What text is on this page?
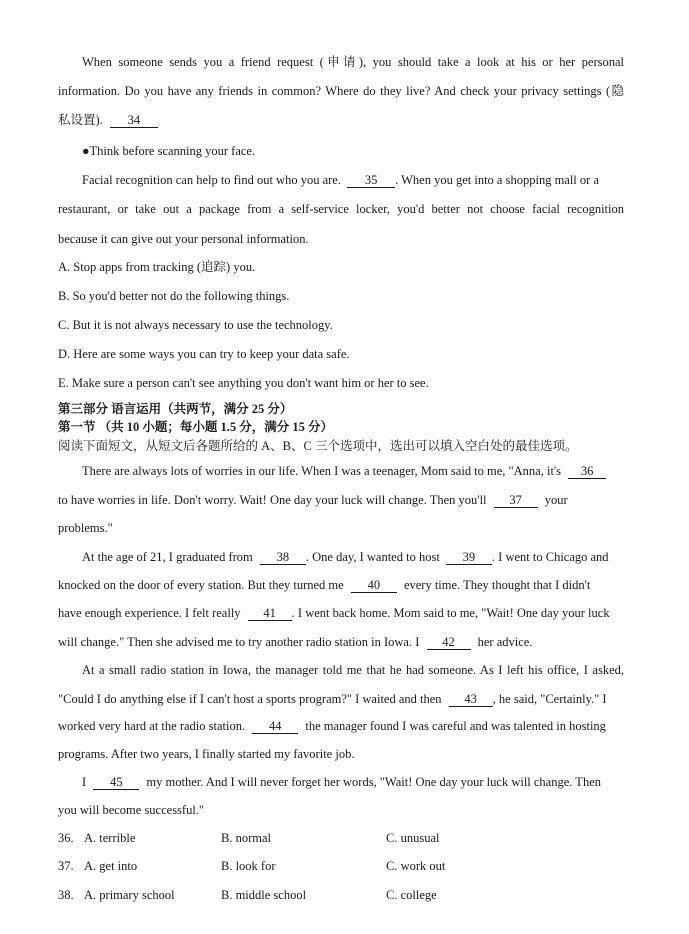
When someone sends you a friend request (申请), you should take a look at his or her personal
information. Do you have any friends in common? Where do they live? And check your privacy settings (隐
私设置). 34
●Think before scanning your face.
Facial recognition can help to find out who you are. 35 . When you get into a shopping mall or a
restaurant, or take out a package from a self-service locker, you'd better not choose facial recognition
because it can give out your personal information.
A. Stop apps from tracking (追踪) you.
B. So you'd better not do the following things.
C. But it is not always necessary to use the technology.
D. Here are some ways you can try to keep your data safe.
E. Make sure a person can't see anything you don't want him or her to see.
第三部分 语言运用（共两节，满分 25 分）
第一节 （共 10 小题；每小题 1.5 分，满分 15 分）
阅读下面短文，从短文后各题所给的 A、B、C 三个选项中，选出可以填入空白处的最佳选项。
There are always lots of worries in our life. When I was a teenager, Mom said to me, "Anna, it's 36
to have worries in life. Don't worry. Wait! One day your luck will change. Then you'll 37 your
problems."
At the age of 21, I graduated from 38 . One day, I wanted to host 39 . I went to Chicago and
knocked on the door of every station. But they turned me 40 every time. They thought that I didn't
have enough experience. I felt really 41 . I went back home. Mom said to me, "Wait! One day your luck
will change." Then she advised me to try another radio station in Iowa. I 42 her advice.
At a small radio station in Iowa, the manager told me that he had someone. As I left his office, I asked,
"Could I do anything else if I can't host a sports program?" I waited and then 43 , he said, "Certainly." I
worked very hard at the radio station. 44 the manager found I was careful and was talented in hosting
programs. After two years, I finally started my favorite job.
I 45 my mother. And I will never forget her words, "Wait! One day your luck will change. Then
you will become successful."
36. A. terrible	B. normal	C. unusual
37. A. get into	B. look for	C. work out
38. A. primary school	B. middle school	C. college
